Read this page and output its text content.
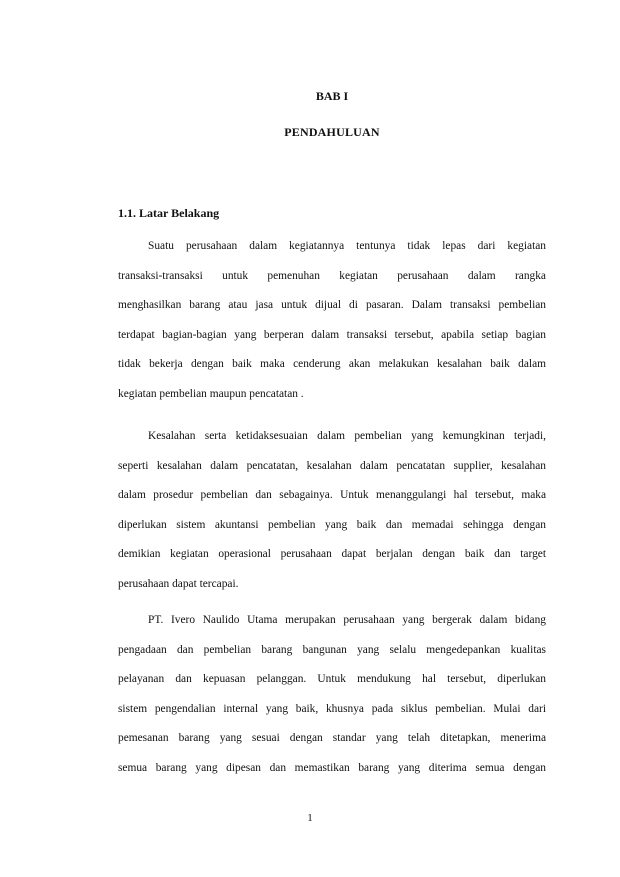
BAB I
PENDAHULUAN
1.1. Latar Belakang

Suatu perusahaan dalam kegiatannya tentunya tidak lepas dari kegiatan
transaksi-transaksi untuk pemenuhan kegiatan perusahaan dalam rangka
menghasilkan barang atau jasa untuk dijual di pasaran. Dalam transaksi pembelian
terdapat bagian-bagian yang berperan dalam transaksi tersebut, apabila setiap bagian
tidak bekerja dengan baik maka cenderung akan melakukan kesalahan baik dalam
kegiatan pembelian maupun pencatatan .

Kesalahan serta ketidaksesuaian dalam pembelian yang kemungkinan terjadi,
seperti kesalahan dalam pencatatan, kesalahan dalam pencatatan supplier, kesalahan
dalam prosedur pembelian dan sebagainya. Untuk menanggulangi hal tersebut, maka
diperlukan sistem akuntansi pembelian yang baik dan memadai sehingga dengan
demikian kegiatan operasional perusahaan dapat berjalan dengan baik dan target
perusahaan dapat tercapai.

PT. Ivero Naulido Utama merupakan perusahaan yang bergerak dalam bidang
pengadaan dan pembelian barang bangunan yang selalu mengedepankan kualitas
pelayanan dan kepuasan pelanggan. Untuk mendukung hal tersebut, diperlukan
sistem pengendalian internal yang baik, khusnya pada siklus pembelian. Mulai dari
pemesanan barang yang sesuai dengan standar yang telah ditetapkan, menerima
semua barang yang dipesan dan memastikan barang yang diterima semua dengan

1
